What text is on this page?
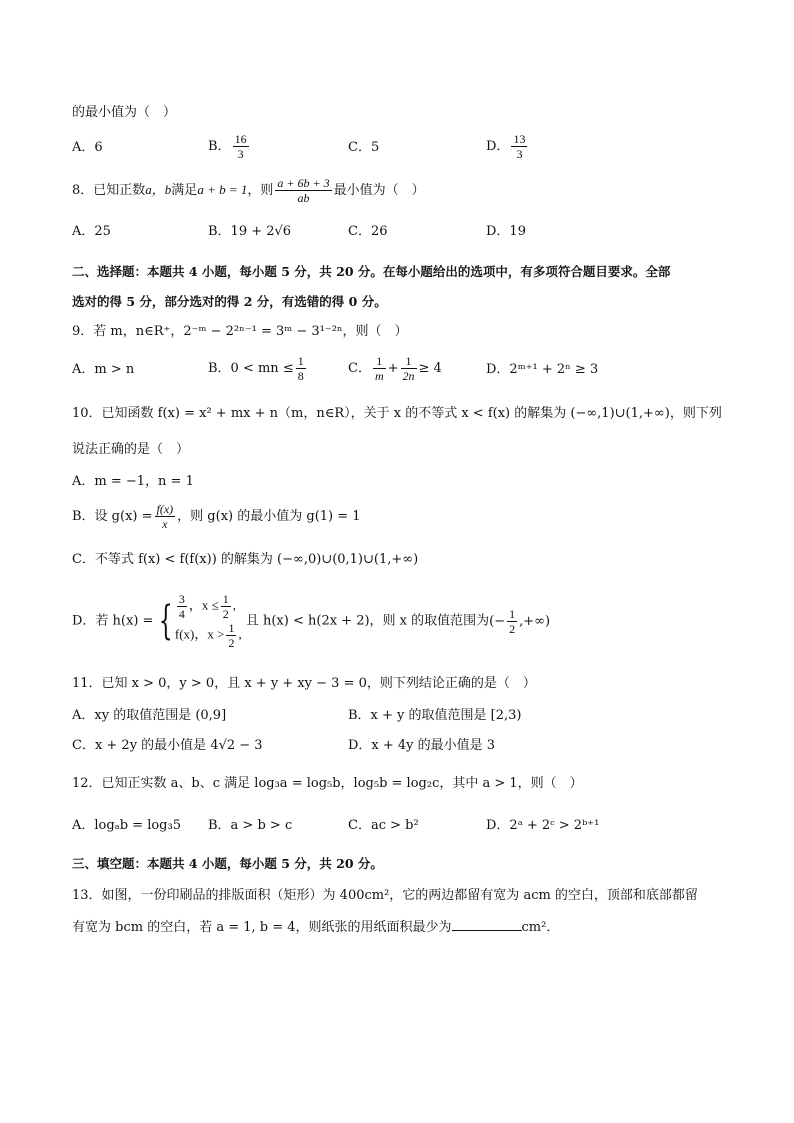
的最小值为（　）
A．6	B． $\frac{16}{3}$	C．5	D． $\frac{13}{3}$
8．已知正数a，b满足a + b = 1，则 $\frac{a + 6b + 3}{ab}$ 最小值为（　）
A．25	B．19 + 2√6	C．26	D．19
二、选择题：本题共 4 小题，每小题 5 分，共 20 分。在每小题给出的选项中，有多项符合题目要求。全部
选对的得 5 分，部分选对的得 2 分，有选错的得 0 分。
9．若 m，n∈R⁺，2⁻ᵐ − 2²ⁿ⁻¹ = 3ᵐ − 3¹⁻²ⁿ，则（　）
A．m > n	B．0 < mn ≤ $\frac{1}{8}$	C． $\frac{1}{m} + \frac{1}{2n} \ge 4$	D．2ᵐ⁺¹ + 2ⁿ ≥ 3
10．已知函数 f(x) = x² + mx + n（m，n∈R），关于 x 的不等式 x < f(x) 的解集为 (−∞,1)∪(1,+∞)，则下列
说法正确的是（　）
A．m = −1，n = 1
B．设 $g(x) = \frac{f(x)}{x}$ ，则 g(x) 的最小值为 g(1) = 1
C．不等式 f(x) < f(f(x)) 的解集为 (−∞,0)∪(0,1)∪(1,+∞)
D．若 h(x) = { $\frac{3}{4}$ ，$x \le \frac{1}{2}$ ,
f(x)，$x > \frac{1}{2}$ ,
且 h(x) < h(2x + 2)，则 x 的取值范围为(− $\frac{1}{2}$ ,+∞)
11．已知 x > 0，y > 0，且 x + y + xy − 3 = 0，则下列结论正确的是（　）
A．xy 的取值范围是 (0,9]	B．x + y 的取值范围是 [2,3)
C．x + 2y 的最小值是 4√2 − 3	D．x + 4y 的最小值是 3
12．已知正实数 a、b、c 满足 log₃a = log₅b，log₅b = log₂c，其中 a > 1，则（　）
A．logₐb = log₃5 B．a > b > c	C．ac > b²	D．2ᵃ + 2ᶜ > 2ᵇ⁺¹
三、填空题：本题共 4 小题，每小题 5 分，共 20 分。
13．如图，一份印刷品的排版面积（矩形）为 400cm²，它的两边都留有宽为 acm 的空白，顶部和底部都留
有宽为 bcm 的空白，若 a = 1, b = 4，则纸张的用纸面积最少为	cm²．
